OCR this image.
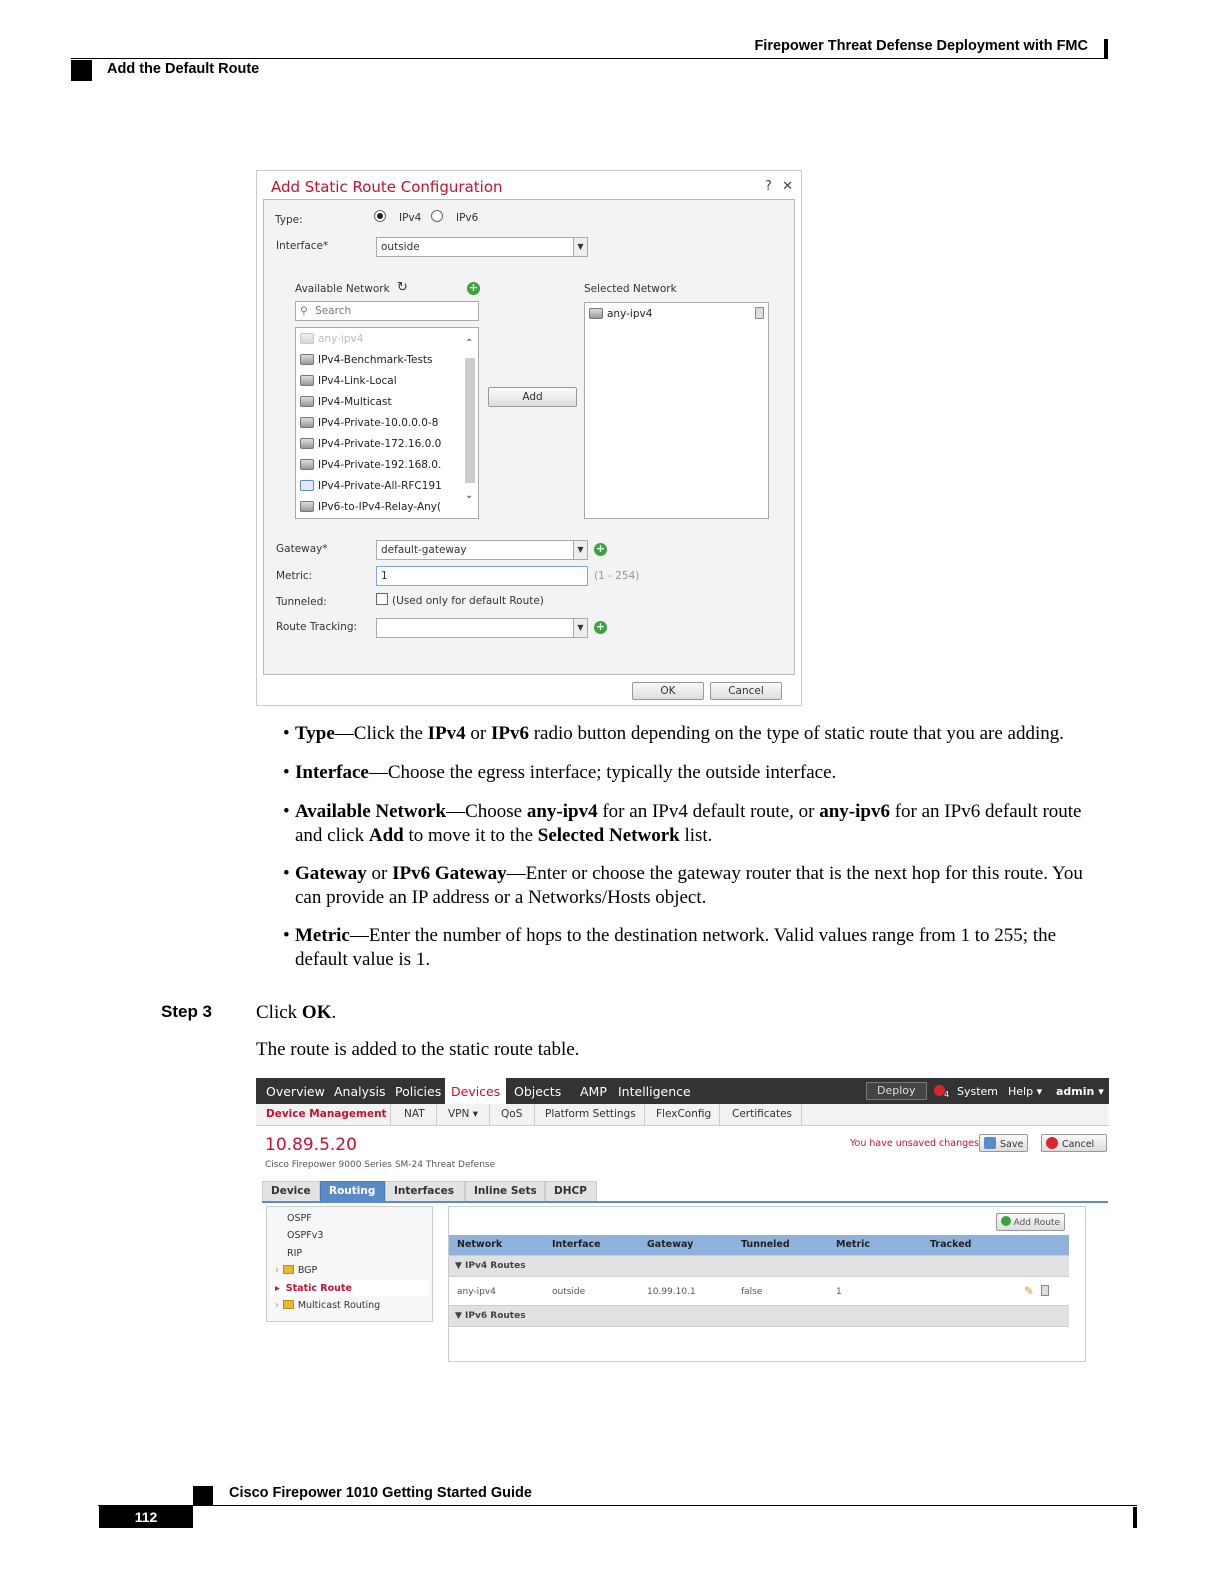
Firepower Threat Defense Deployment with FMC
Add the Default Route
Add Static Route Configuration	? ✕
Type:	IPv4	IPv6
Interface*	outside	▼
Available Network ↻	+
⚲ Search
any-ipv4
IPv4-Benchmark-Tests
IPv4-Link-Local
IPv4-Multicast
IPv4-Private-10.0.0.0-8
IPv4-Private-172.16.0.0
IPv4-Private-192.168.0.
IPv4-Private-All-RFC191
IPv6-to-IPv4-Relay-Any(
⌃
⌄
Add
Selected Network
any-ipv4
Gateway*	default-gateway	▼	+
Metric:	1	(1 - 254)
Tunneled:	(Used only for default Route)
Route Tracking:	▼	+
OK	Cancel
• Type—Click the IPv4 or IPv6 radio button depending on the type of static route that you are adding.
• Interface—Choose the egress interface; typically the outside interface.
• Available Network—Choose any-ipv4 for an IPv4 default route, or any-ipv6 for an IPv6 default route and click Add to move it to the Selected Network list.
• Gateway or IPv6 Gateway—Enter or choose the gateway router that is the next hop for this route. You can provide an IP address or a Networks/Hosts object.
• Metric—Enter the number of hops to the destination network. Valid values range from 1 to 255; the default value is 1.
Step 3 Click OK.
The route is added to the static route table.
Overview Analysis Policies Devices	Objects AMP Intelligence	Deploy	4 System Help ▾ admin ▾
Device Management NAT VPN ▾ QoS Platform Settings FlexConfig Certificates
10.89.5.20
Cisco Firepower 9000 Series SM-24 Threat Defense
You have unsaved changes	Save	Cancel
Device	Routing	Interfaces	Inline Sets	DHCP
OSPF
OSPFv3
RIP
› BGP
▸ Static Route
› Multicast Routing
Add Route
Network	Interface	Gateway	Tunneled	Metric	Tracked
▼ IPv4 Routes
any-ipv4	outside	10.99.10.1	false	1	✎
▼ IPv6 Routes
Cisco Firepower 1010 Getting Started Guide
112
